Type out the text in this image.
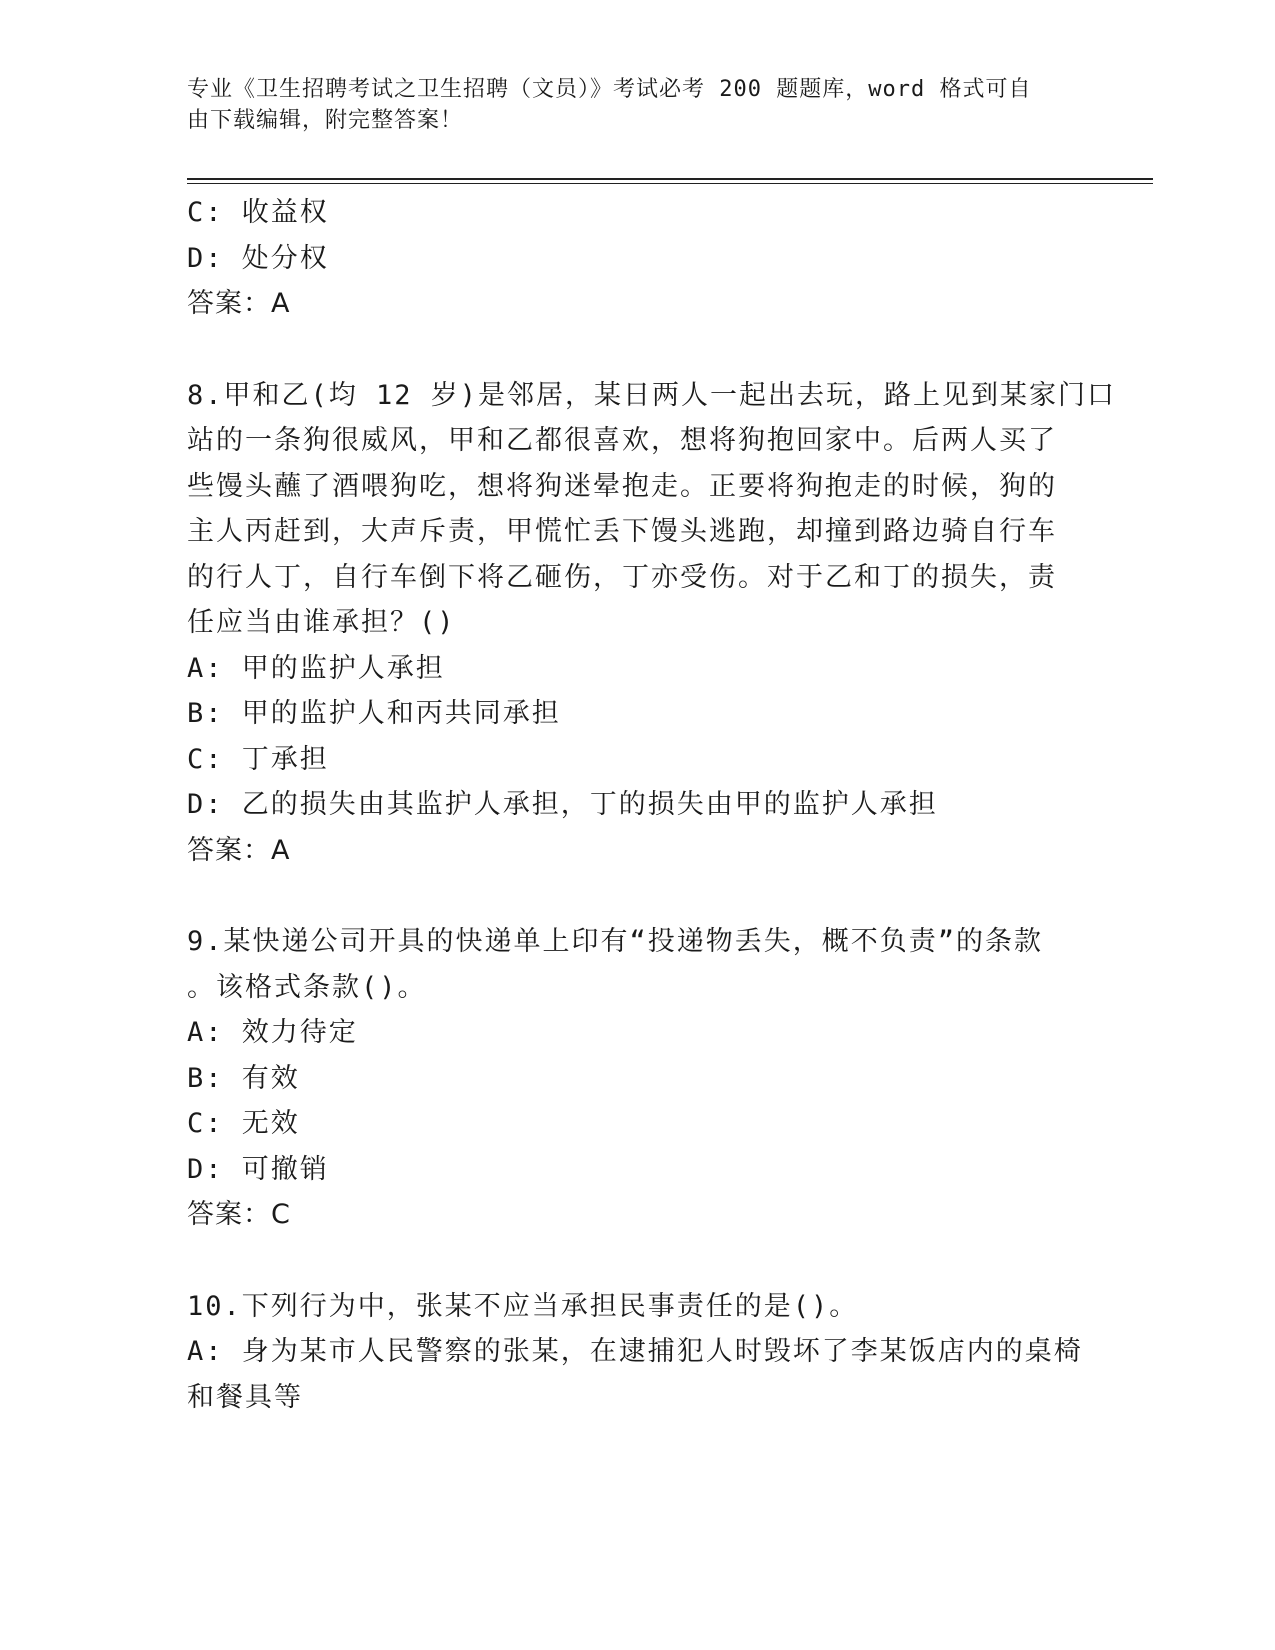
专业《卫生招聘考试之卫生招聘（文员）》考试必考 200 题题库，word 格式可自
由下载编辑，附完整答案！
C: 收益权
D: 处分权
答案：A
8.甲和乙(均 12 岁)是邻居，某日两人一起出去玩，路上见到某家门口
站的一条狗很威风，甲和乙都很喜欢，想将狗抱回家中。后两人买了
些馒头蘸了酒喂狗吃，想将狗迷晕抱走。正要将狗抱走的时候，狗的
主人丙赶到，大声斥责，甲慌忙丢下馒头逃跑，却撞到路边骑自行车
的行人丁，自行车倒下将乙砸伤，丁亦受伤。对于乙和丁的损失，责
任应当由谁承担？()
A: 甲的监护人承担
B: 甲的监护人和丙共同承担
C: 丁承担
D: 乙的损失由其监护人承担，丁的损失由甲的监护人承担
答案：A
9.某快递公司开具的快递单上印有“投递物丢失，概不负责”的条款
。该格式条款()。
A: 效力待定
B: 有效
C: 无效
D: 可撤销
答案：C
10.下列行为中，张某不应当承担民事责任的是()。
A: 身为某市人民警察的张某，在逮捕犯人时毁坏了李某饭店内的桌椅
和餐具等
